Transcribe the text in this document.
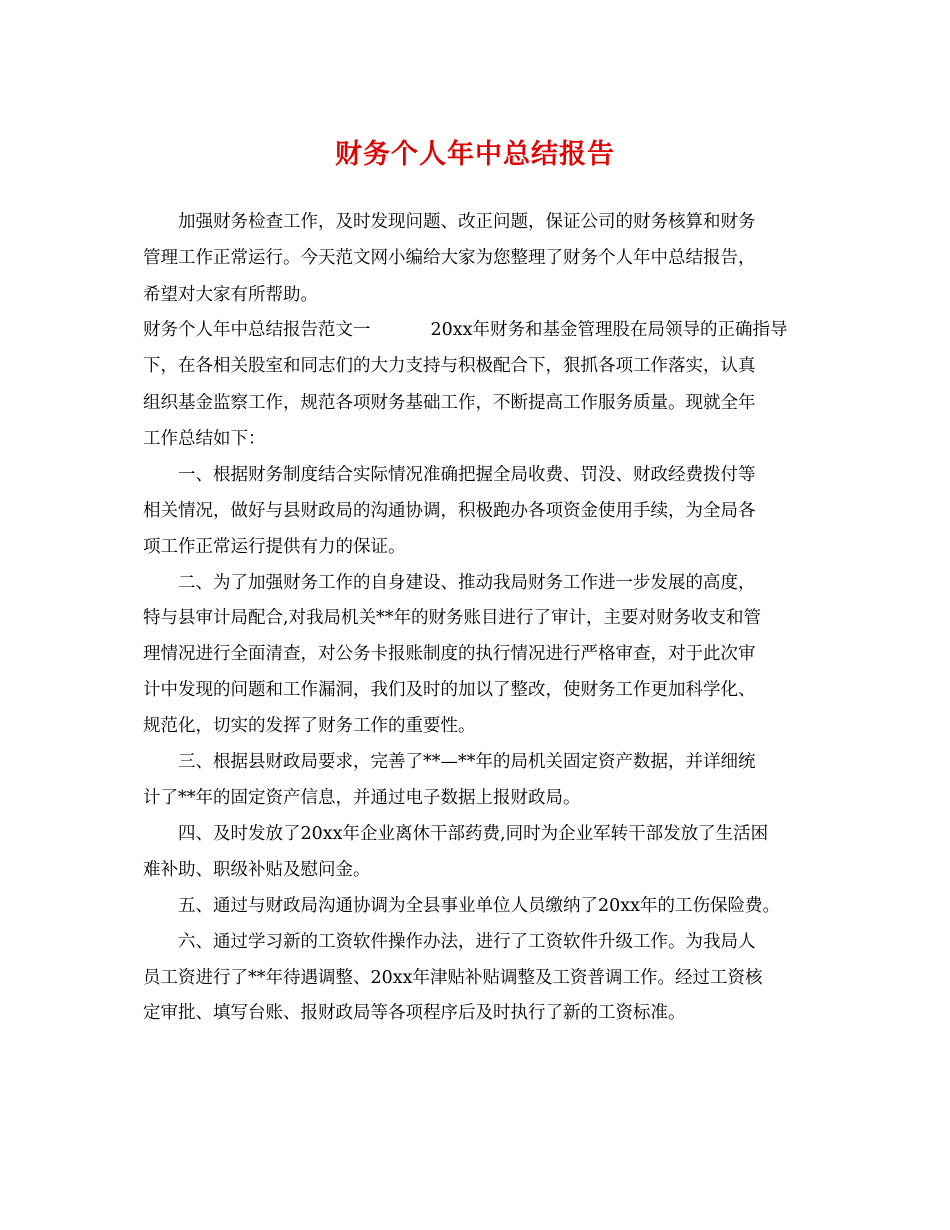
财务个人年中总结报告
　　加强财务检查工作，及时发现问题、改正问题，保证公司的财务核算和财务
管理工作正常运行。今天范文网小编给大家为您整理了财务个人年中总结报告，
希望对大家有所帮助。
财务个人年中总结报告范文一	20xx年财务和基金管理股在局领导的正确指导
下，在各相关股室和同志们的大力支持与积极配合下，狠抓各项工作落实，认真
组织基金监察工作，规范各项财务基础工作，不断提高工作服务质量。现就全年
工作总结如下：
　　一、根据财务制度结合实际情况准确把握全局收费、罚没、财政经费拨付等
相关情况，做好与县财政局的沟通协调，积极跑办各项资金使用手续，为全局各
项工作正常运行提供有力的保证。
　　二、为了加强财务工作的自身建设、推动我局财务工作进一步发展的高度，
特与县审计局配合,对我局机关**年的财务账目进行了审计，主要对财务收支和管
理情况进行全面清查，对公务卡报账制度的执行情况进行严格审查，对于此次审
计中发现的问题和工作漏洞，我们及时的加以了整改，使财务工作更加科学化、
规范化，切实的发挥了财务工作的重要性。
　　三、根据县财政局要求，完善了**—**年的局机关固定资产数据，并详细统
计了**年的固定资产信息，并通过电子数据上报财政局。
　　四、及时发放了20xx年企业离休干部药费,同时为企业军转干部发放了生活困
难补助、职级补贴及慰问金。
　　五、通过与财政局沟通协调为全县事业单位人员缴纳了20xx年的工伤保险费。
　　六、通过学习新的工资软件操作办法，进行了工资软件升级工作。为我局人
员工资进行了**年待遇调整、20xx年津贴补贴调整及工资普调工作。经过工资核
定审批、填写台账、报财政局等各项程序后及时执行了新的工资标准。
